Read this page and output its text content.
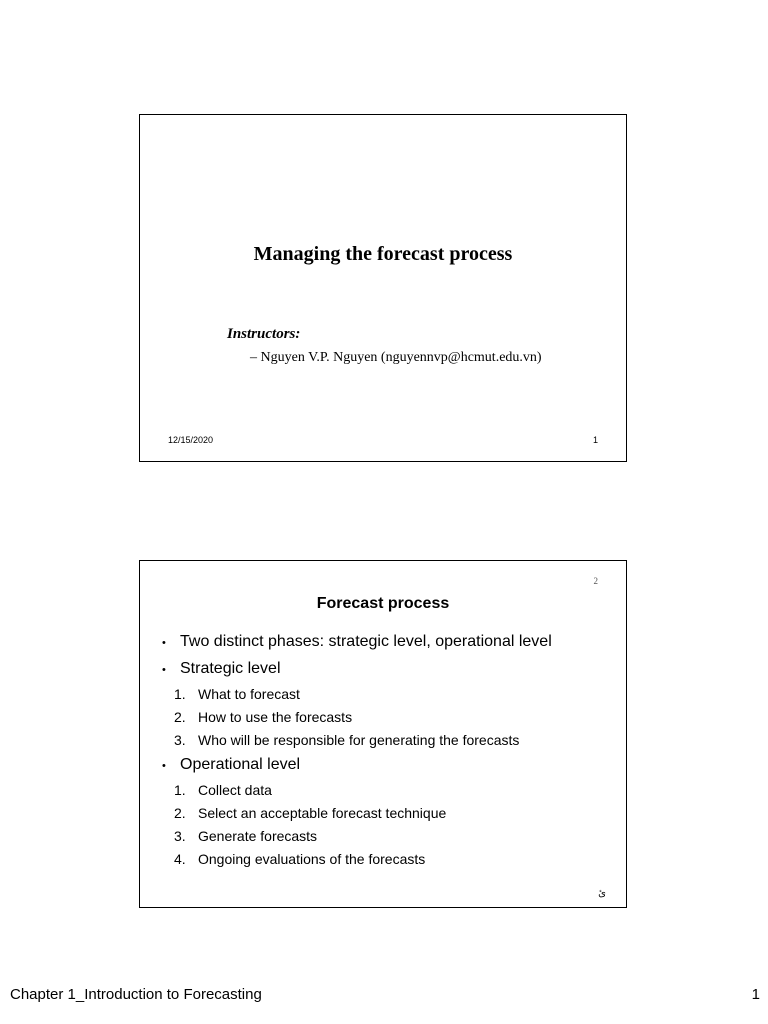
Managing the forecast process
Instructors:
– Nguyen V.P. Nguyen (nguyennvp@hcmut.edu.vn)
12/15/2020	1
2
Forecast process
• Two distinct phases: strategic level, operational level
• Strategic level
1. What to forecast
2. How to use the forecasts
3. Who will be responsible for generating the forecasts
• Operational level
1. Collect data
2. Select an acceptable forecast technique
3. Generate forecasts
4. Ongoing evaluations of the forecasts
ئ
Chapter 1_Introduction to Forecasting	1
